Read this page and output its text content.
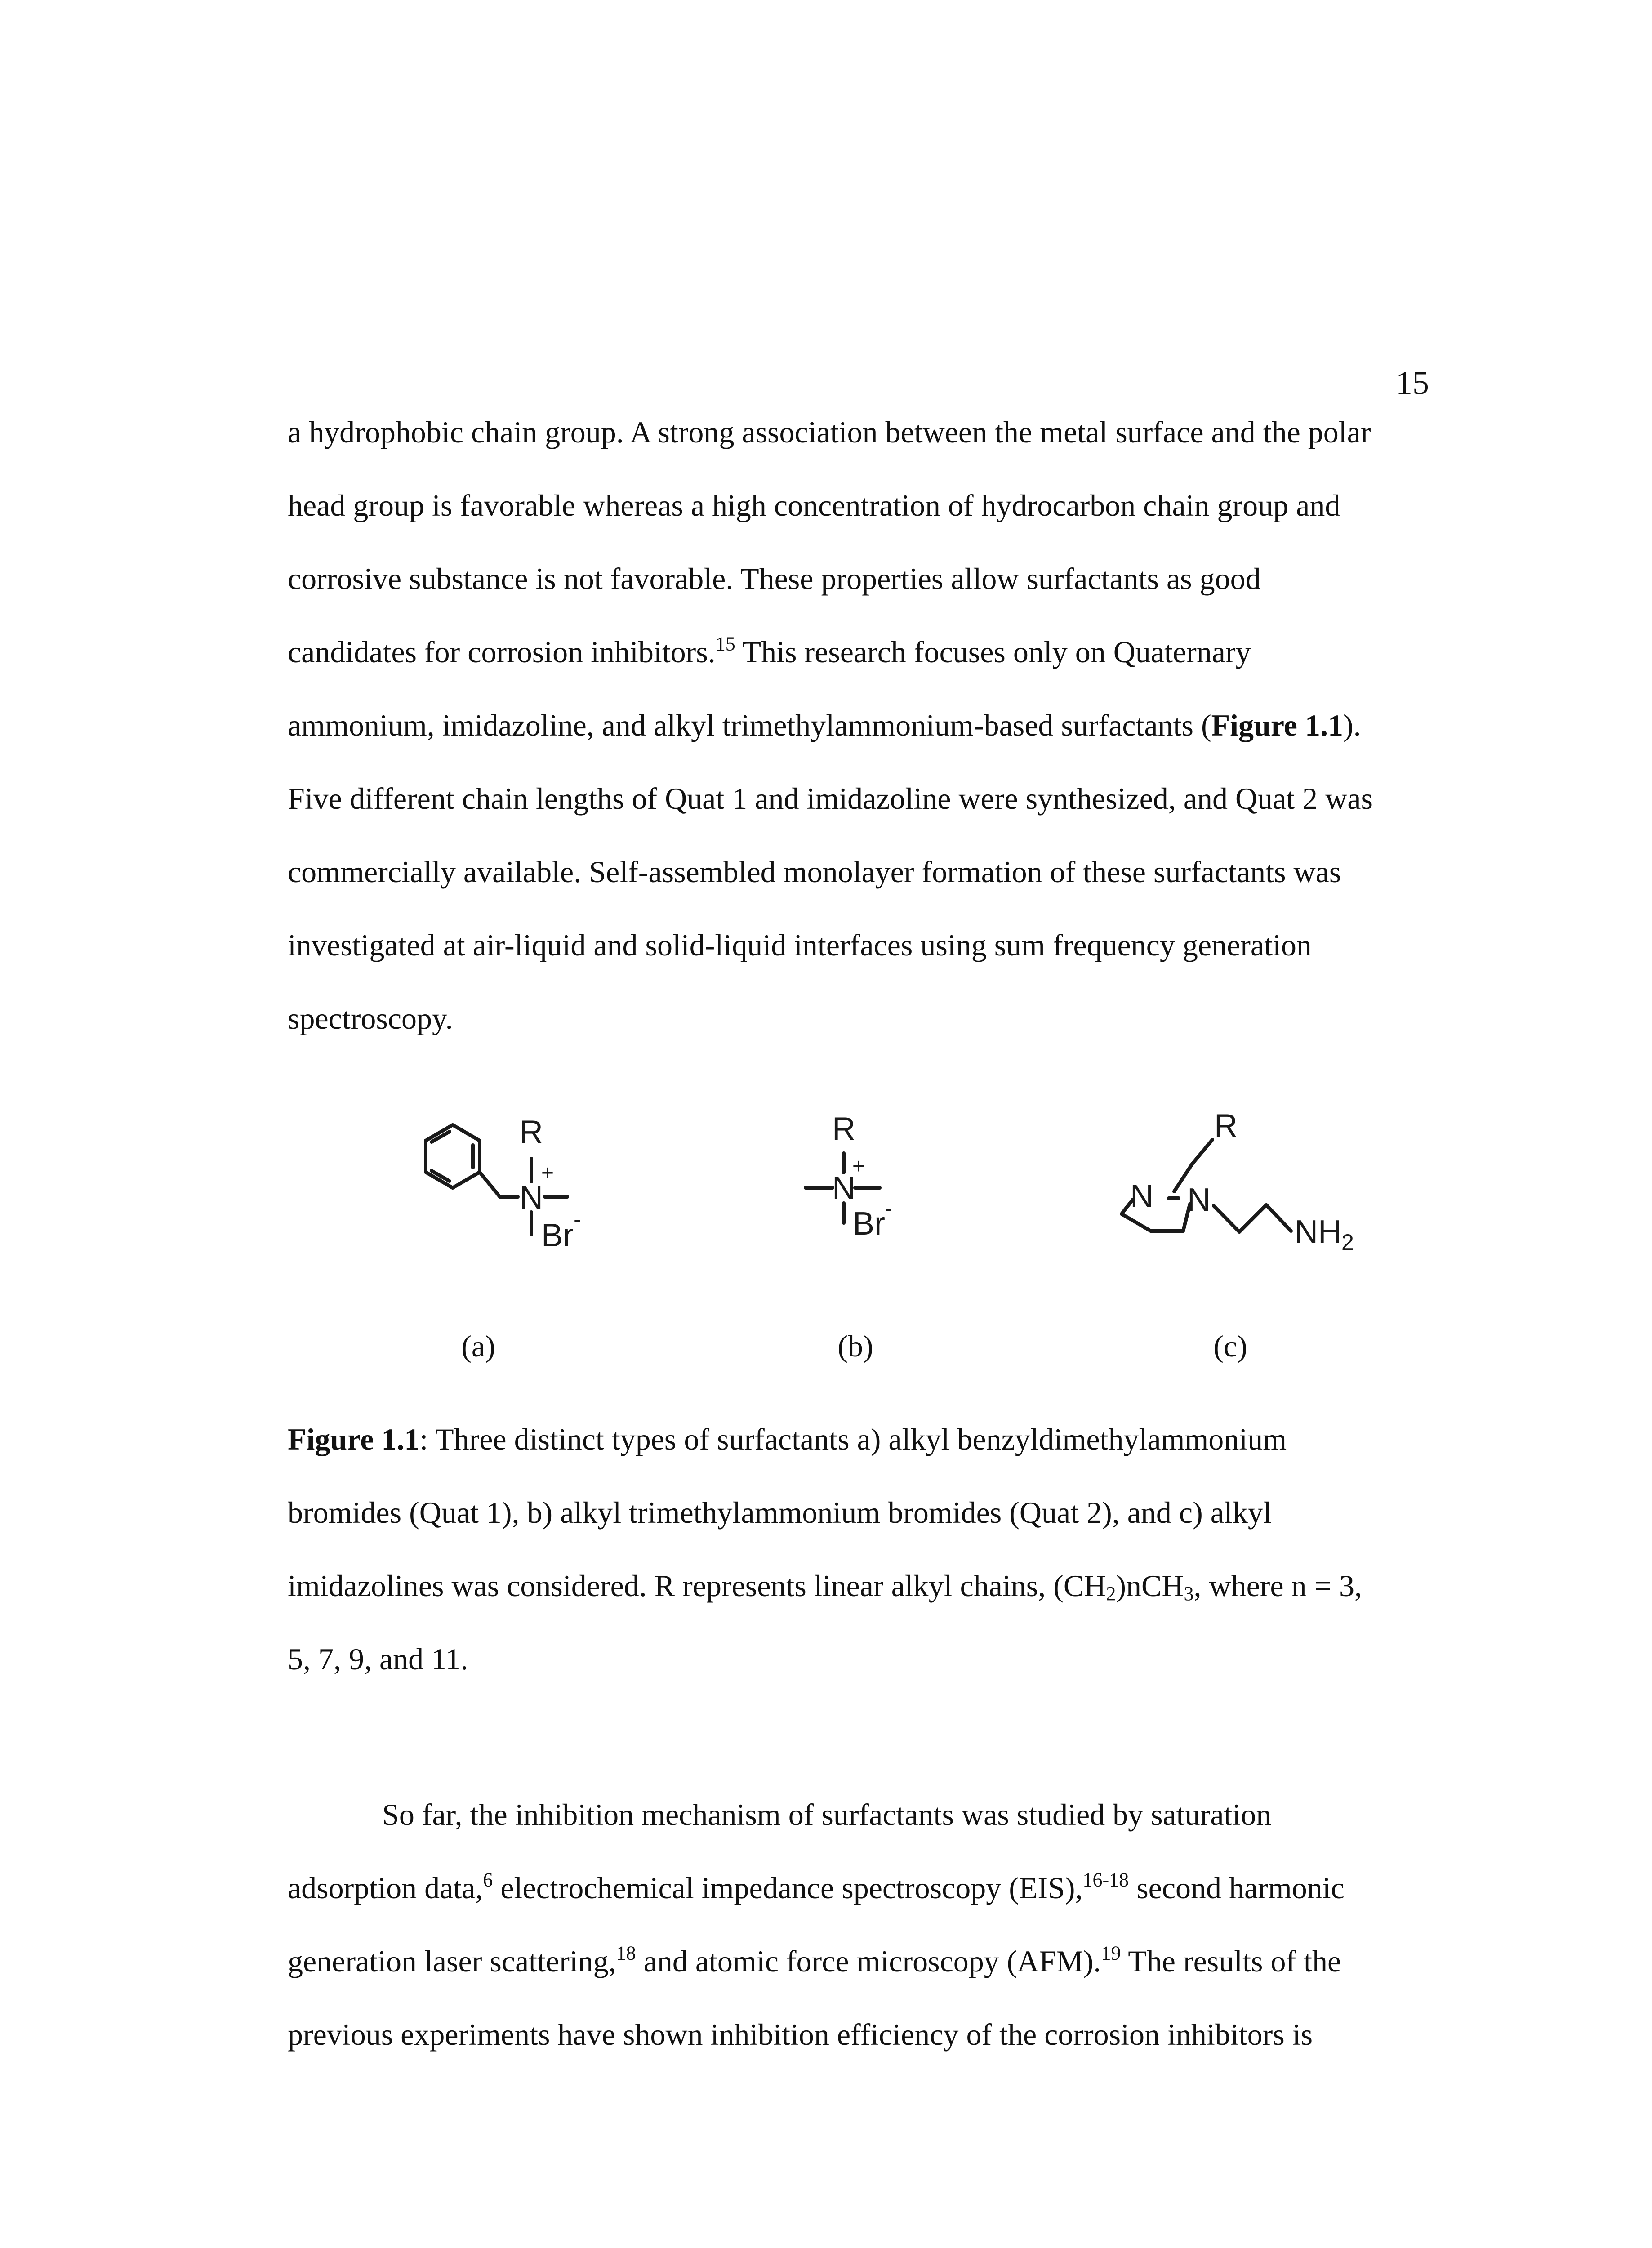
15
a hydrophobic chain group. A strong association between the metal surface and the polar
head group is favorable whereas a high concentration of hydrocarbon chain group and
corrosive substance is not favorable. These properties allow surfactants as good
candidates for corrosion inhibitors.$^{15}$ This research focuses only on Quaternary
ammonium, imidazoline, and alkyl trimethylammonium-based surfactants (Figure 1.1).
Five different chain lengths of Quat 1 and imidazoline were synthesized, and Quat 2 was
commercially available. Self-assembled monolayer formation of these surfactants was
investigated at air-liquid and solid-liquid interfaces using sum frequency generation
spectroscopy.
R
N
+
Br -
R
N
+
Br -
R
N N
$NH_2$
(a)	(b)	(c)
Figure 1.1: Three distinct types of surfactants a) alkyl benzyldimethylammonium
bromides (Quat 1), b) alkyl trimethylammonium bromides (Quat 2), and c) alkyl
imidazolines was considered. R represents linear alkyl chains, $(CH_2)nCH_3$, where n = 3,
5, 7, 9, and 11.
So far, the inhibition mechanism of surfactants was studied by saturation
adsorption data,$^6$ electrochemical impedance spectroscopy (EIS),$^{16-18}$ second harmonic
generation laser scattering,$^{18}$ and atomic force microscopy (AFM).$^{19}$ The results of the
previous experiments have shown inhibition efficiency of the corrosion inhibitors is
